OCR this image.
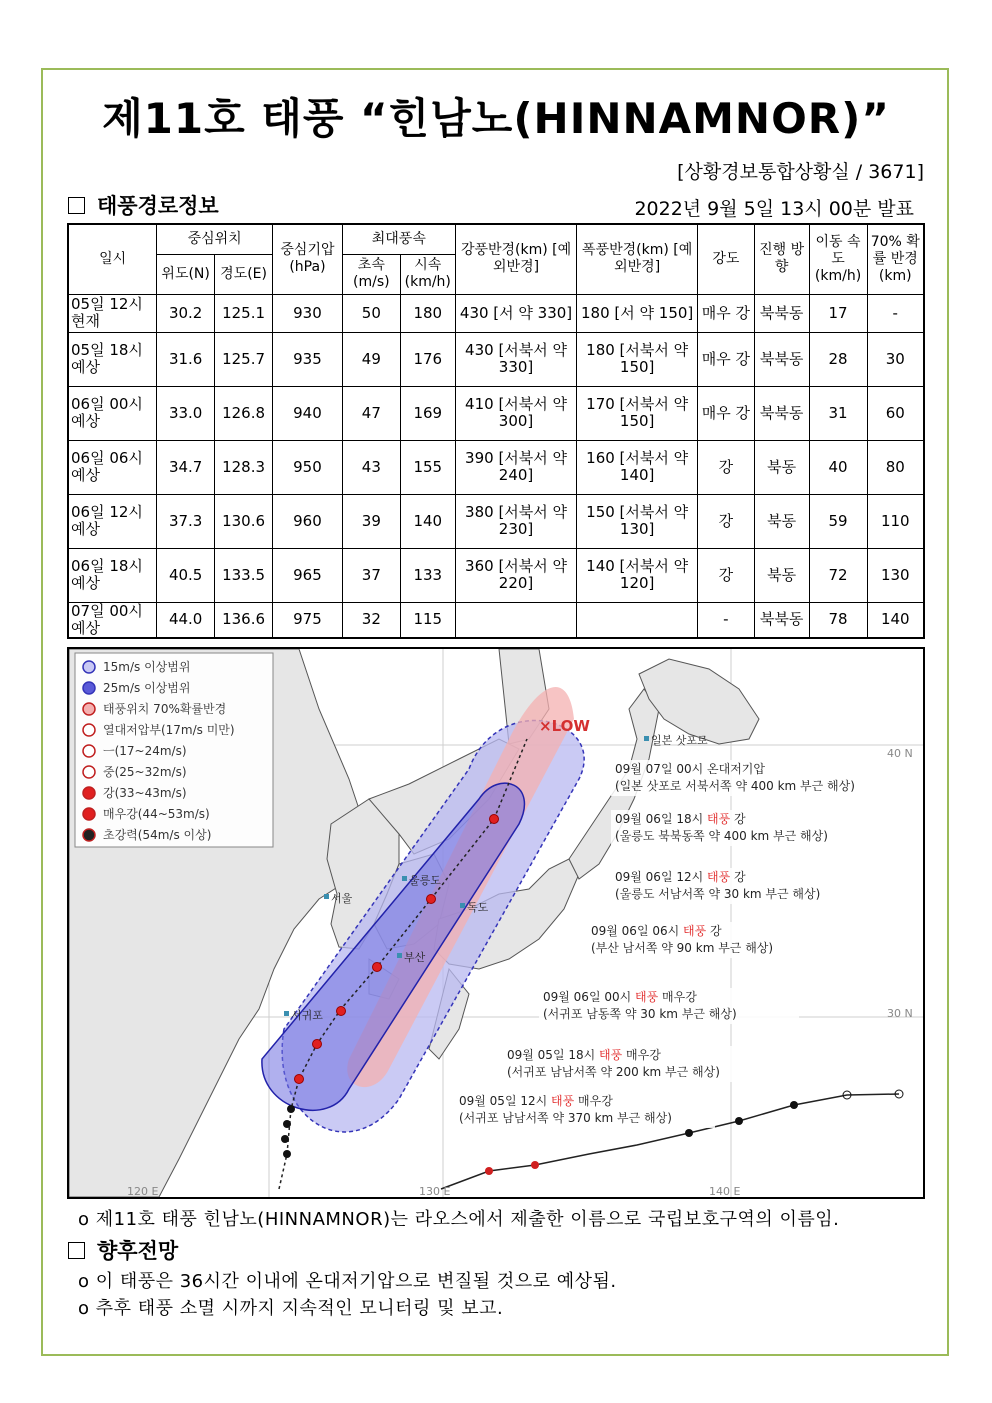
제11호 태풍 “힌남노(HINNAMNOR)”
[상황경보통합상황실 / 3671]
태풍경로정보	2022년 9월 5일 13시 00분 발표
일시	중심위치		중심기압 (hPa)	최대풍속		강풍반경(km) [예외반경]	폭풍반경(km) [예외반경]	강도	진행 방향	이동 속도 (km/h)	70% 확률 반경 (km)
	위도(N)	경도(E)		초속 (m/s)	시속 (km/h)						
05일 12시 현재	30.2	125.1	930	50	180	430 [서 약 330]	180 [서 약 150]	매우 강	북북동	17	-
05일 18시 예상	31.6	125.7	935	49	176	430 [서북서 약 330]	180 [서북서 약 150]	매우 강	북북동	28	30
06일 00시 예상	33.0	126.8	940	47	169	410 [서북서 약 300]	170 [서북서 약 150]	매우 강	북북동	31	60
06일 06시 예상	34.7	128.3	950	43	155	390 [서북서 약 240]	160 [서북서 약 140]	강	북동	40	80
06일 12시 예상	37.3	130.6	960	39	140	380 [서북서 약 230]	150 [서북서 약 130]	강	북동	59	110
06일 18시 예상	40.5	133.5	965	37	133	360 [서북서 약 220]	140 [서북서 약 120]	강	북동	72	130
07일 00시 예상	44.0	136.6	975	32	115			-	북북동	78	140
15m/s 이상범위
25m/s 이상범위
태풍위치 70%확률반경
열대저압부(17m/s 미만)
ㅡ(17~24m/s)
중(25~32m/s)
강(33~43m/s)
매우강(44~53m/s)
초강력(54m/s 이상)
×LOW
일본 삿포로
울릉도
독도
서울
부산
서귀포
40 N
30 N
120 E	130 E	140 E
09월 07일 00시 온대저기압
(일본 삿포로 서북서쪽 약 400 km 부근 해상)
09월 06일 18시 태풍 강
(울릉도 북북동쪽 약 400 km 부근 해상)
09월 06일 12시 태풍 강
(울릉도 서남서쪽 약 30 km 부근 해상)
09월 06일 06시 태풍 강
(부산 남서쪽 약 90 km 부근 해상)
09월 06일 00시 태풍 매우강
(서귀포 남동쪽 약 30 km 부근 해상)
09월 05일 18시 태풍 매우강
(서귀포 남남서쪽 약 200 km 부근 해상)
09월 05일 12시 태풍 매우강
(서귀포 남남서쪽 약 370 km 부근 해상)
o 제11호 태풍 힌남노(HINNAMNOR)는 라오스에서 제출한 이름으로 국립보호구역의 이름임.
향후전망
o 이 태풍은 36시간 이내에 온대저기압으로 변질될 것으로 예상됨.
o 추후 태풍 소멸 시까지 지속적인 모니터링 및 보고.
